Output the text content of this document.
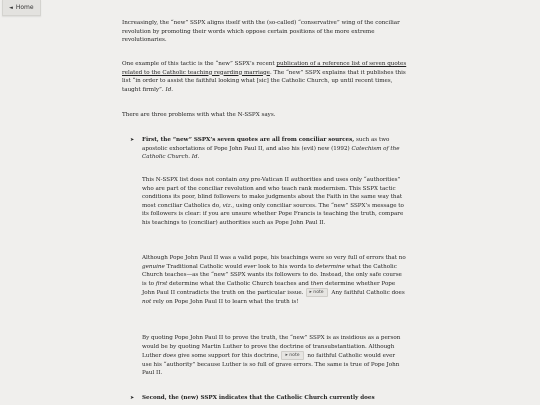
◄ Home

Increasingly, the “new” SSPX aligns itself with the (so-called) “conservative” wing of the conciliar revolution by promoting their words which oppose certain positions of the more extreme revolutionaries.

One example of this tactic is the “new” SSPX’s recent publication of a reference list of seven quotes related to the Catholic teaching regarding marriage. The “new” SSPX explains that it publishes this list “in order to assist the faithful looking what [sic] the Catholic Church, up until recent times, taught firmly”. Id.

There are three problems with what the N-SSPX says.

➤ First, the “new” SSPX’s seven quotes are all from conciliar sources, such as two apostolic exhortations of Pope John Paul II, and also his (evil) new (1992) Catechism of the Catholic Church. Id.

This N-SSPX list does not contain any pre-Vatican II authorities and uses only “authorities” who are part of the conciliar revolution and who teach rank modernism. This SSPX tactic conditions its poor, blind followers to make judgments about the Faith in the same way that most conciliar Catholics do, viz., using only conciliar sources. The “new” SSPX’s message to its followers is clear: if you are unsure whether Pope Francis is teaching the truth, compare his teachings to (conciliar) authorities such as Pope John Paul II.

Although Pope John Paul II was a valid pope, his teachings were so very full of errors that no genuine Traditional Catholic would ever look to his words to determine what the Catholic Church teaches—as the “new” SSPX wants its followers to do. Instead, the only safe course is to first determine what the Catholic Church teaches and then determine whether Pope John Paul II contradicts the truth on the particular issue. ▸ note Any faithful Catholic does not rely on Pope John Paul II to learn what the truth is!

By quoting Pope John Paul II to prove the truth, the “new” SSPX is as insidious as a person would be by quoting Martin Luther to prove the doctrine of transubstantiation. Although Luther does give some support for this doctrine, ▸ note no faithful Catholic would ever use his “authority” because Luther is so full of grave errors. The same is true of Pope John Paul II.

➤ Second, the (new) SSPX indicates that the Catholic Church currently does
